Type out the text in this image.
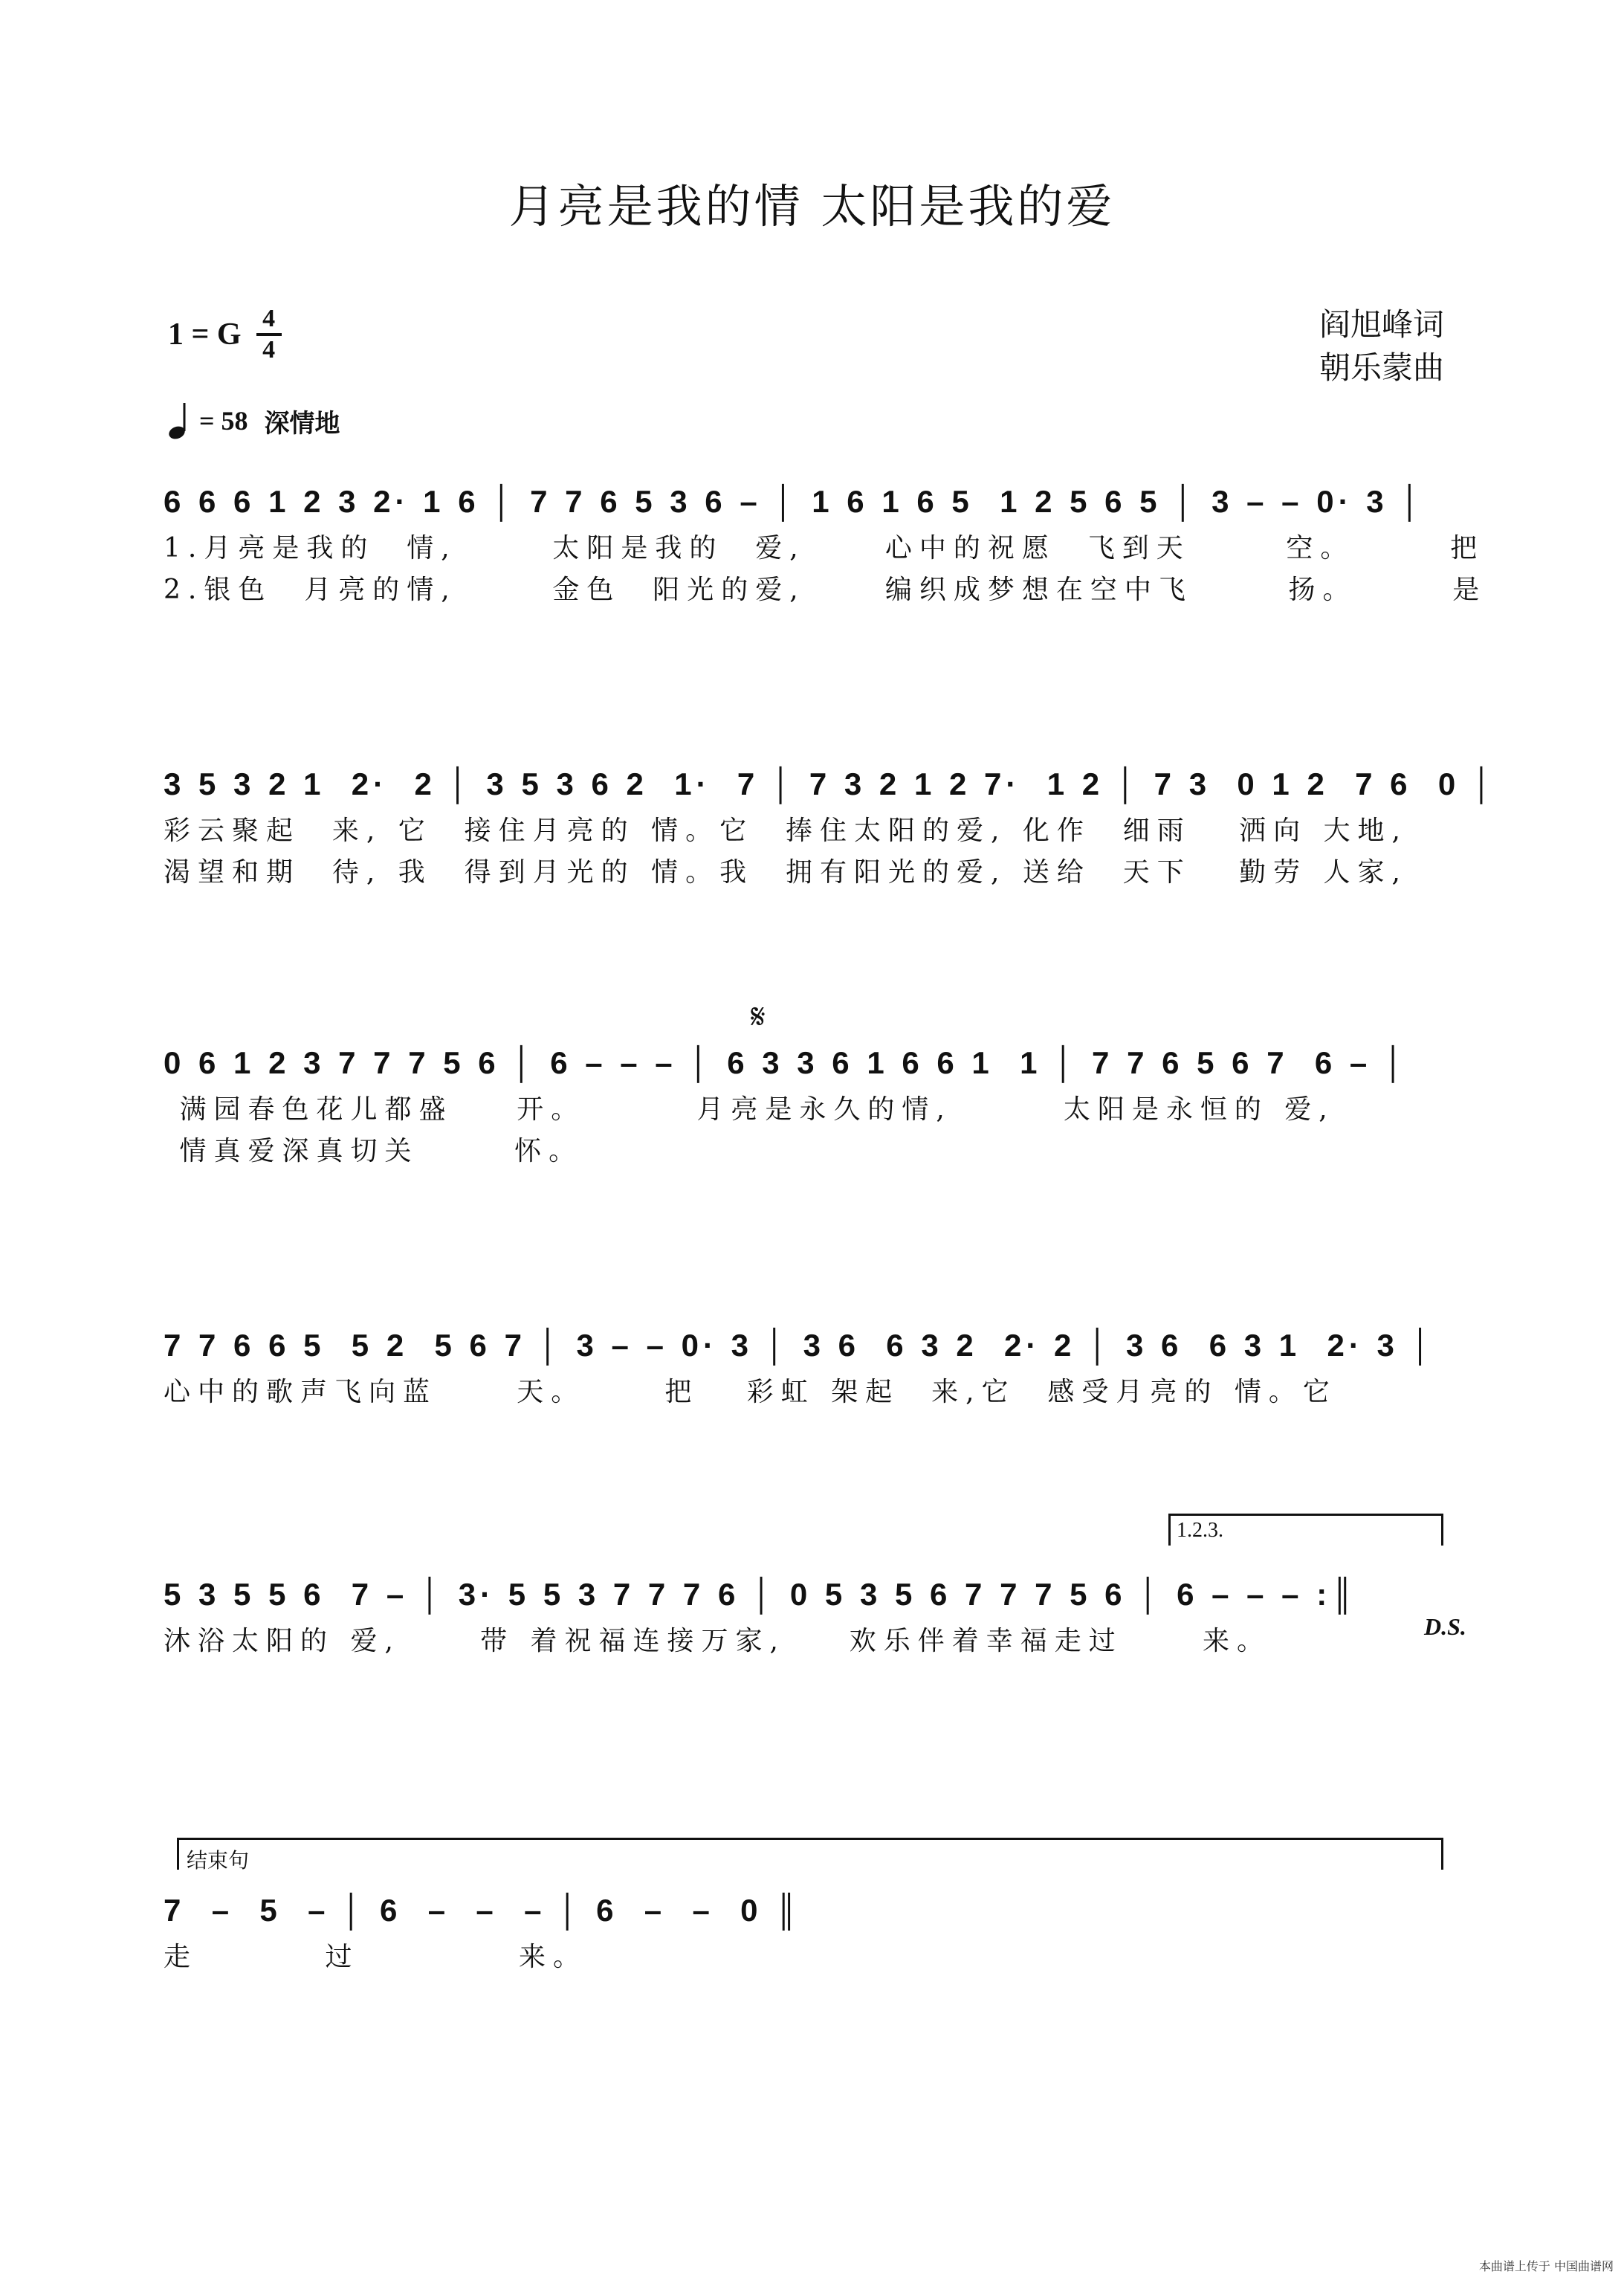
月亮是我的情 太阳是我的爱
1 = G $\frac{4}{4}$	阎旭峰词
朝乐蒙曲
= 58 深情地
6 6 6 1 2 3 2· 1 6 │ 7 7 6 5 3 6 – │ 1 6 1 6 5  1 2 5 6 5 │ 3 – – 0· 3 │
1.月亮是我的  情,      太阳是我的  爱,     心中的祝愿  飞到天      空。      把
2.银色  月亮的情,      金色  阳光的爱,     编织成梦想在空中飞      扬。      是
3 5 3 2 1  2·  2 │ 3 5 3 6 2  1·  7 │ 7 3 2 1 2 7·  1 2 │ 7 3  0 1 2  7 6  0 │
彩云聚起  来, 它  接住月亮的 情。它  捧住太阳的爱, 化作  细雨   洒向 大地,
渴望和期  待, 我  得到月光的 情。我  拥有阳光的爱, 送给  天下   勤劳 人家,
𝄋
0 6 1 2 3 7 7 7 5 6 │ 6 – – – │ 6 3 3 6 1 6 6 1  1 │ 7 7 6 5 6 7  6 – │
满园春色花儿都盛    开。       月亮是永久的情,       太阳是永恒的 爱,
情真爱深真切关      怀。
7 7 6 6 5  5 2  5 6 7 │ 3 – – 0· 3 │ 3 6  6 3 2  2· 2 │ 3 6  6 3 1  2· 3 │
心中的歌声飞向蓝     天。     把   彩虹 架起  来,它  感受月亮的 情。它
1.2.3.
5 3 5 5 6  7 – │ 3· 5 5 3 7 7 7 6 │ 0 5 3 5 6 7 7 7 5 6 │ 6 – – – :║
沐浴太阳的 爱,     带 着祝福连接万家,    欢乐伴着幸福走过     来。	D.S.
结束句
7  –  5  – │ 6  –  –  – │ 6  –  –  0 ║
走        过          来。
本曲谱上传于 中国曲谱网
